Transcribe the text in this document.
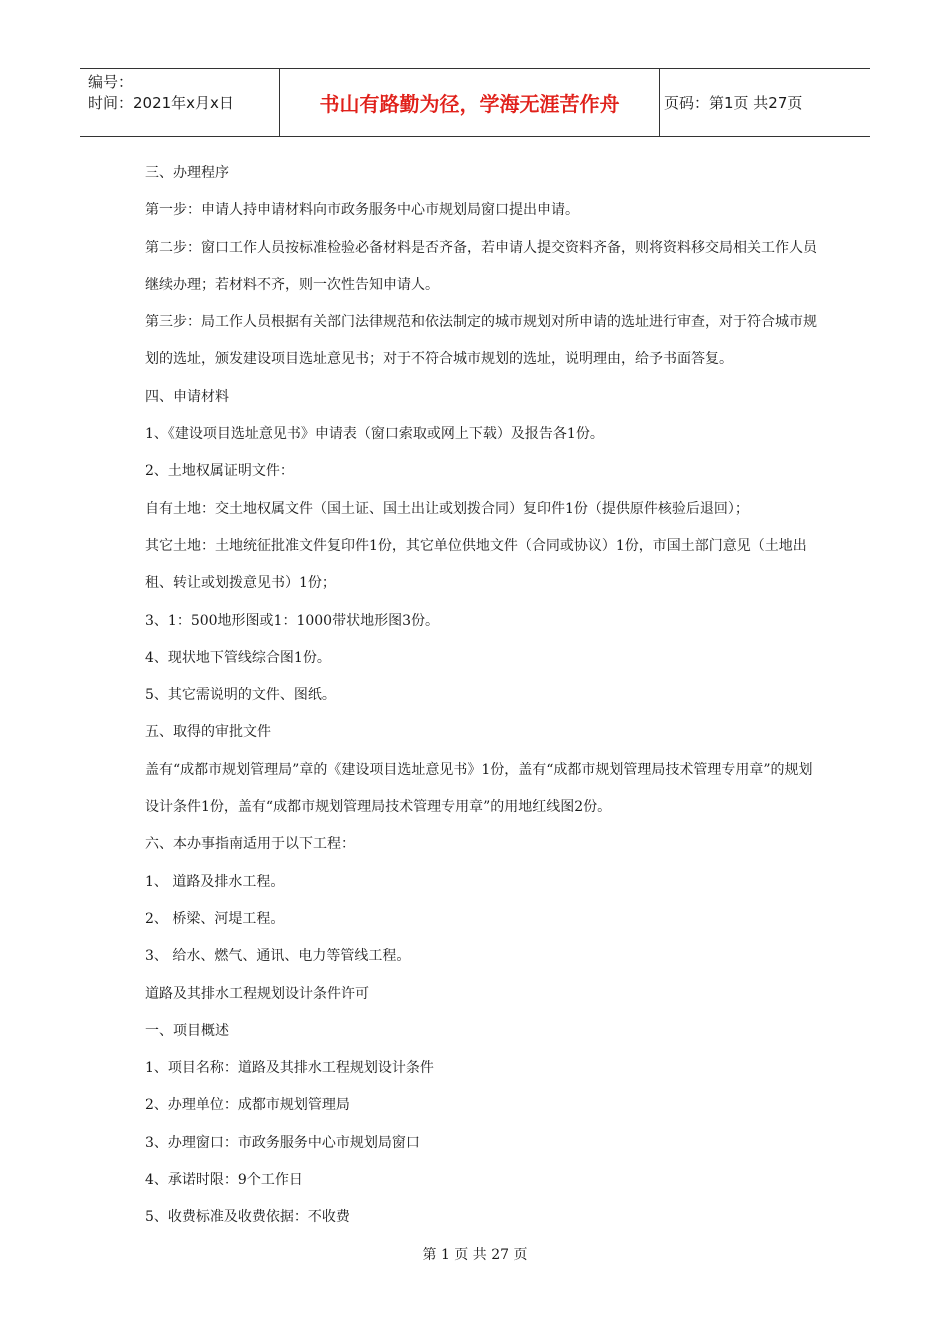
编号：
时间：2021年x月x日	书山有路勤为径，学海无涯苦作舟	页码：第1页 共27页

三、办理程序

第一步：申请人持申请材料向市政务服务中心市规划局窗口提出申请。

第二步：窗口工作人员按标准检验必备材料是否齐备，若申请人提交资料齐备，则将资料移交局相关工作人员继续办理；若材料不齐，则一次性告知申请人。

第三步：局工作人员根据有关部门法律规范和依法制定的城市规划对所申请的选址进行审查，对于符合城市规划的选址，颁发建设项目选址意见书；对于不符合城市规划的选址，说明理由，给予书面答复。

四、申请材料

1、《建设项目选址意见书》申请表（窗口索取或网上下载）及报告各1份。

2、土地权属证明文件：

自有土地：交土地权属文件（国土证、国土出让或划拨合同）复印件1份（提供原件核验后退回）；

其它土地：土地统征批准文件复印件1份，其它单位供地文件（合同或协议）1份，市国土部门意见（土地出租、转让或划拨意见书）1份；

3、1：500地形图或1：1000带状地形图3份。

4、现状地下管线综合图1份。

5、其它需说明的文件、图纸。

五、取得的审批文件

盖有“成都市规划管理局”章的《建设项目选址意见书》1份，盖有“成都市规划管理局技术管理专用章”的规划设计条件1份，盖有“成都市规划管理局技术管理专用章”的用地红线图2份。

六、本办事指南适用于以下工程：

1、 道路及排水工程。

2、 桥梁、河堤工程。

3、 给水、燃气、通讯、电力等管线工程。

道路及其排水工程规划设计条件许可

一、项目概述

1、项目名称：道路及其排水工程规划设计条件

2、办理单位：成都市规划管理局

3、办理窗口：市政务服务中心市规划局窗口

4、承诺时限：9个工作日

5、收费标准及收费依据：不收费

第 1 页 共 27 页
